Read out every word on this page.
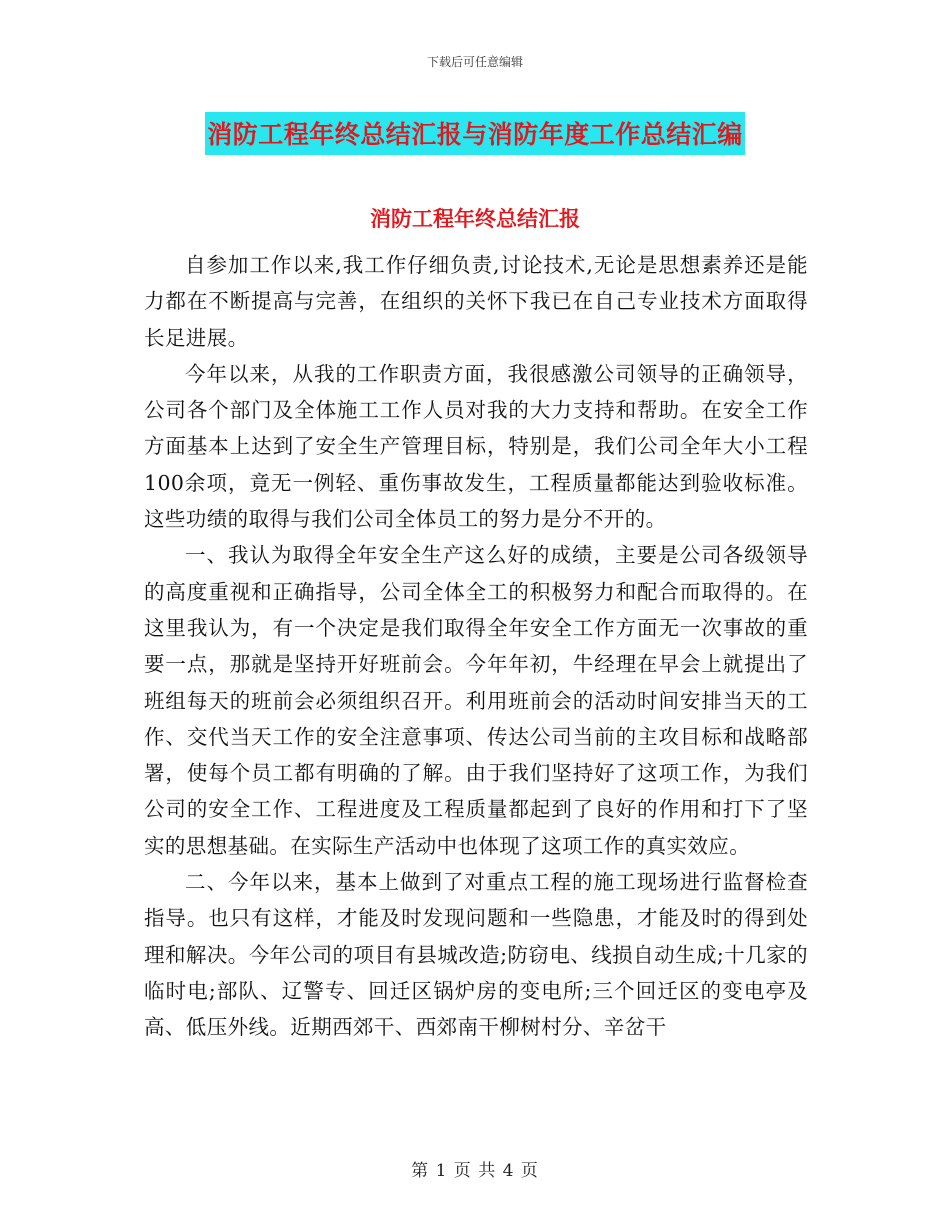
下载后可任意编辑
消防工程年终总结汇报与消防年度工作总结汇编
消防工程年终总结汇报

自参加工作以来,我工作仔细负责,讨论技术,无论是思想素养还是能力都在不断提高与完善，在组织的关怀下我已在自己专业技术方面取得长足进展。

今年以来，从我的工作职责方面，我很感激公司领导的正确领导，公司各个部门及全体施工工作人员对我的大力支持和帮助。在安全工作方面基本上达到了安全生产管理目标，特别是，我们公司全年大小工程100余项，竟无一例轻、重伤事故发生，工程质量都能达到验收标准。这些功绩的取得与我们公司全体员工的努力是分不开的。

一、我认为取得全年安全生产这么好的成绩，主要是公司各级领导的高度重视和正确指导，公司全体全工的积极努力和配合而取得的。在这里我认为，有一个决定是我们取得全年安全工作方面无一次事故的重要一点，那就是坚持开好班前会。今年年初，牛经理在早会上就提出了班组每天的班前会必须组织召开。利用班前会的活动时间安排当天的工作、交代当天工作的安全注意事项、传达公司当前的主攻目标和战略部署，使每个员工都有明确的了解。由于我们坚持好了这项工作，为我们公司的安全工作、工程进度及工程质量都起到了良好的作用和打下了坚实的思想基础。在实际生产活动中也体现了这项工作的真实效应。

二、今年以来，基本上做到了对重点工程的施工现场进行监督检查指导。也只有这样，才能及时发现问题和一些隐患，才能及时的得到处理和解决。今年公司的项目有县城改造;防窃电、线损自动生成;十几家的临时电;部队、辽警专、回迁区锅炉房的变电所;三个回迁区的变电亭及高、低压外线。近期西郊干、西郊南干柳树村分、辛岔干

第 1 页 共 4 页
